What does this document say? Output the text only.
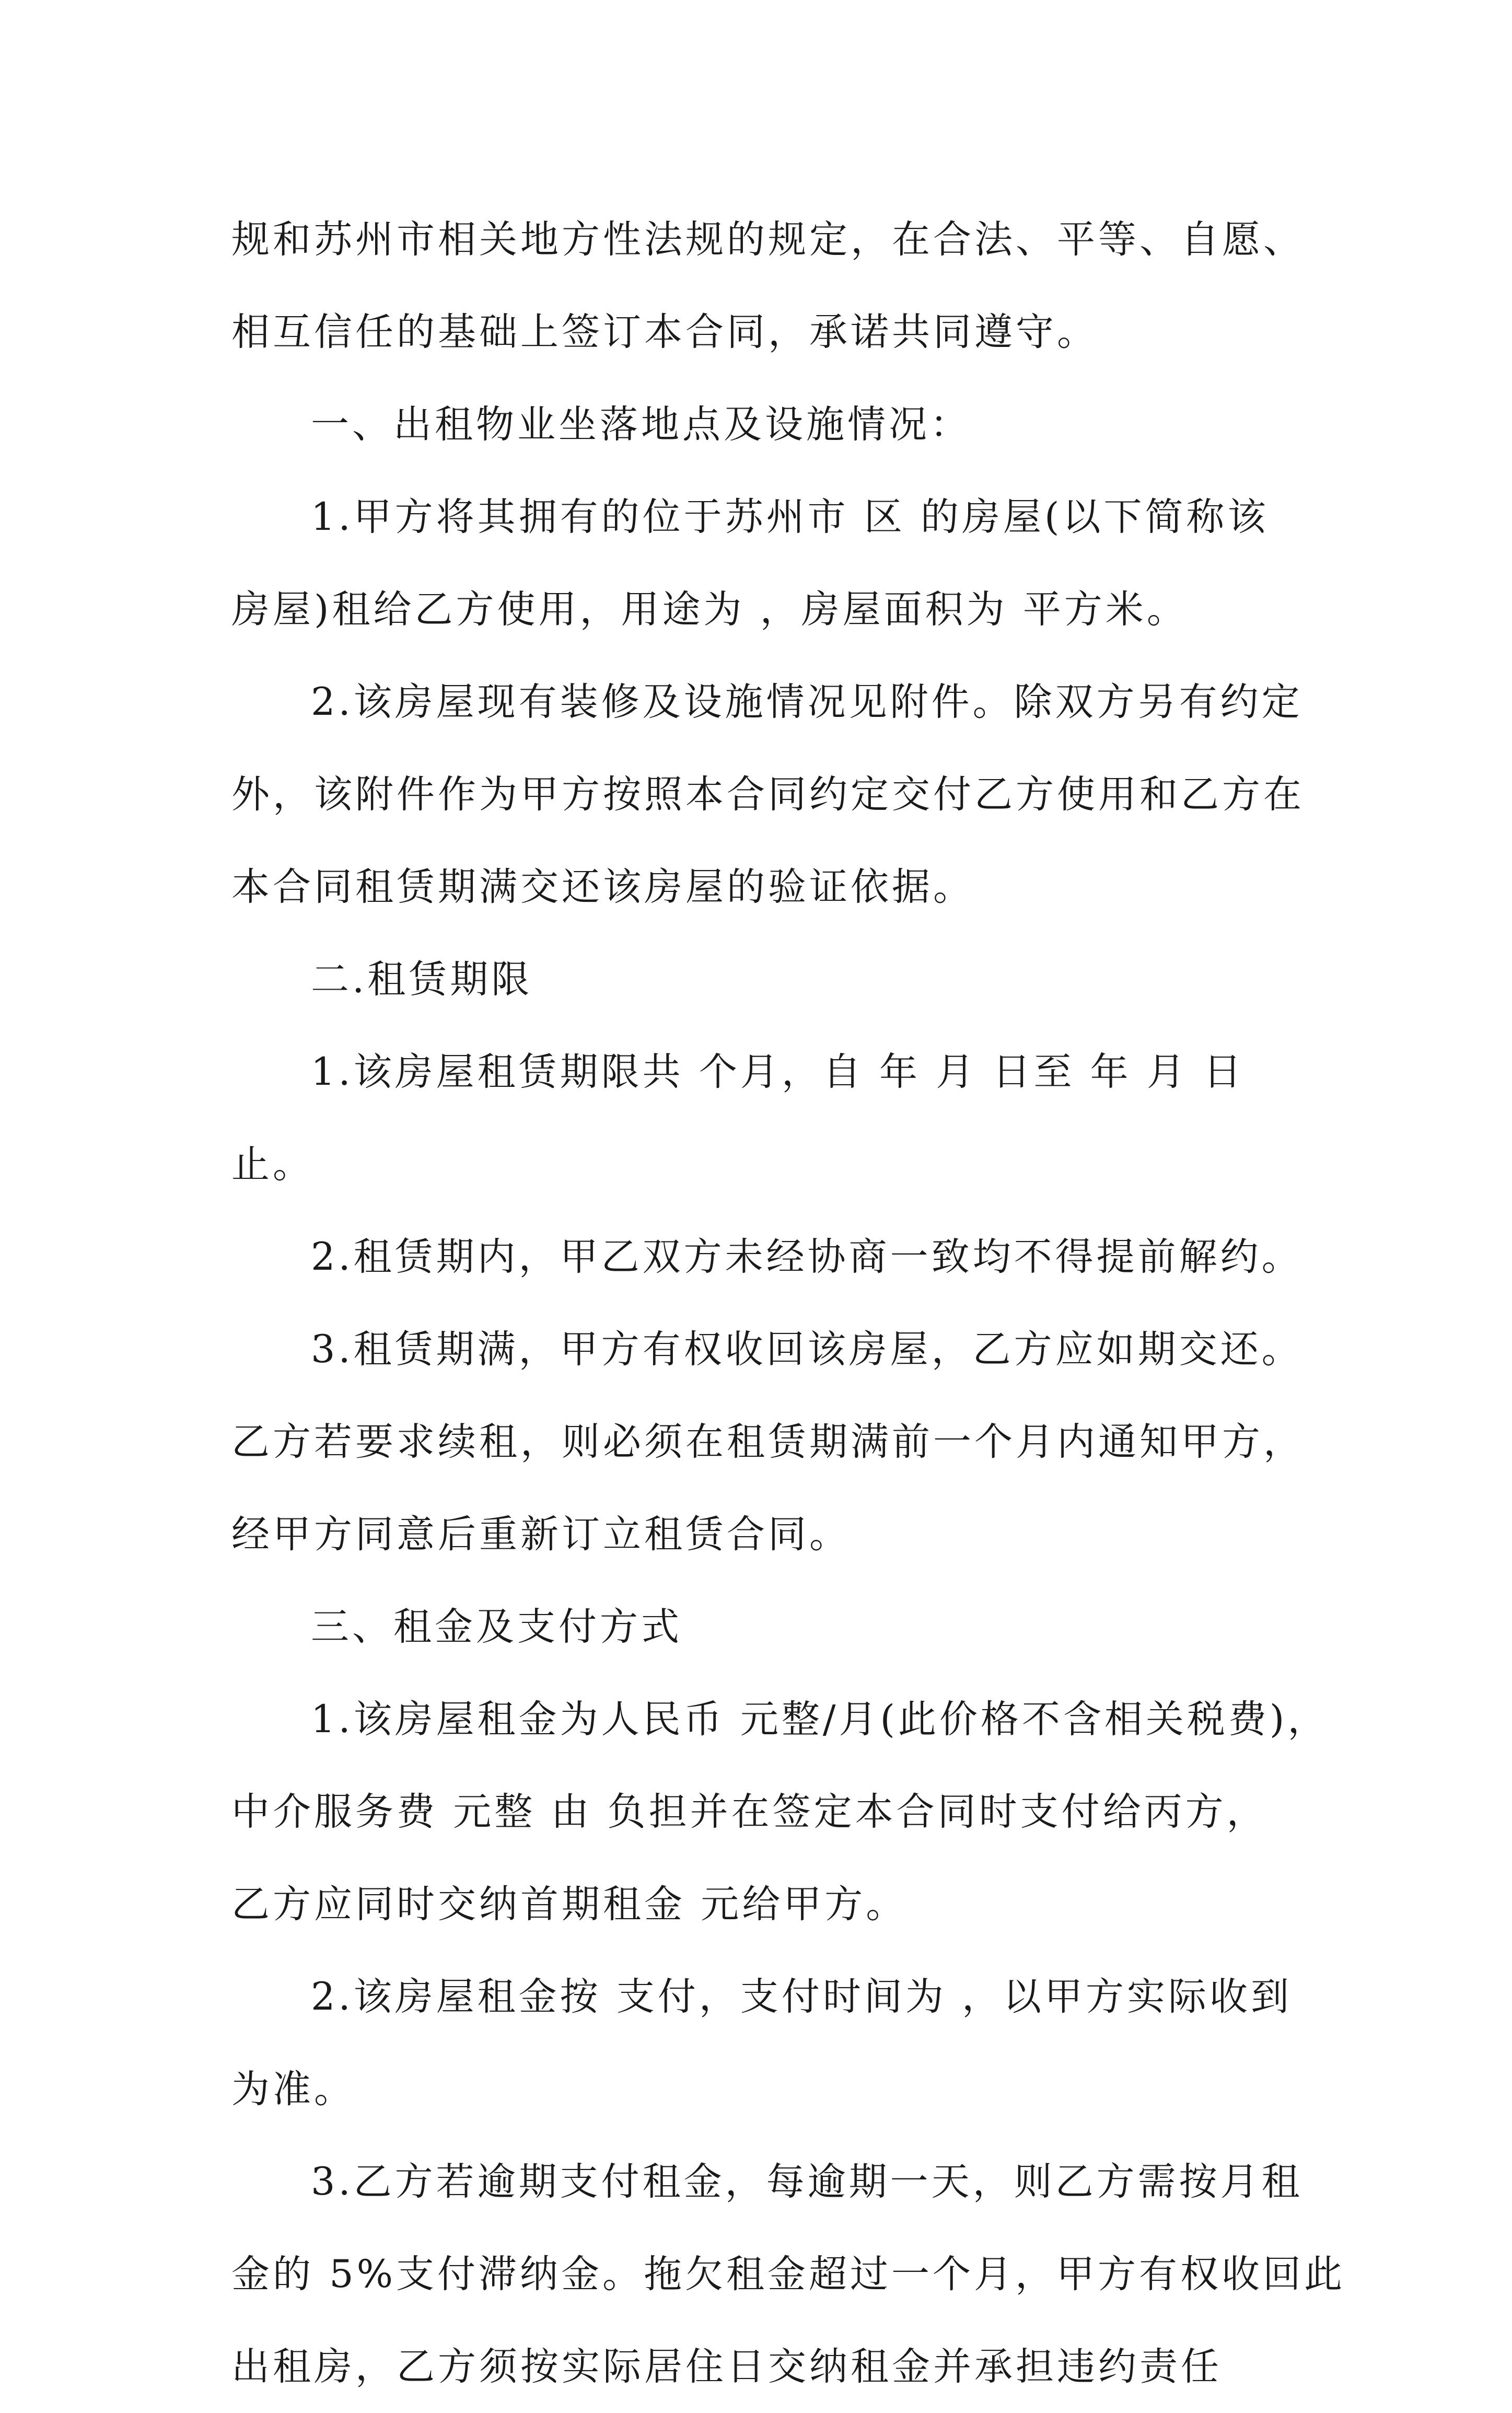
规和苏州市相关地方性法规的规定，在合法、平等、自愿、
相互信任的基础上签订本合同，承诺共同遵守。
一、出租物业坐落地点及设施情况：
1.甲方将其拥有的位于苏州市 区 的房屋(以下简称该
房屋)租给乙方使用，用途为 ，房屋面积为 平方米。
2.该房屋现有装修及设施情况见附件。除双方另有约定
外，该附件作为甲方按照本合同约定交付乙方使用和乙方在
本合同租赁期满交还该房屋的验证依据。
二.租赁期限
1.该房屋租赁期限共 个月，自 年 月 日至 年 月 日
止。
2.租赁期内，甲乙双方未经协商一致均不得提前解约。
3.租赁期满，甲方有权收回该房屋，乙方应如期交还。
乙方若要求续租，则必须在租赁期满前一个月内通知甲方，
经甲方同意后重新订立租赁合同。
三、租金及支付方式
1.该房屋租金为人民币 元整/月(此价格不含相关税费)，
中介服务费 元整 由 负担并在签定本合同时支付给丙方，
乙方应同时交纳首期租金 元给甲方。
2.该房屋租金按 支付，支付时间为 ，以甲方实际收到
为准。
3.乙方若逾期支付租金，每逾期一天，则乙方需按月租
金的 5%支付滞纳金。拖欠租金超过一个月，甲方有权收回此
出租房，乙方须按实际居住日交纳租金并承担违约责任
